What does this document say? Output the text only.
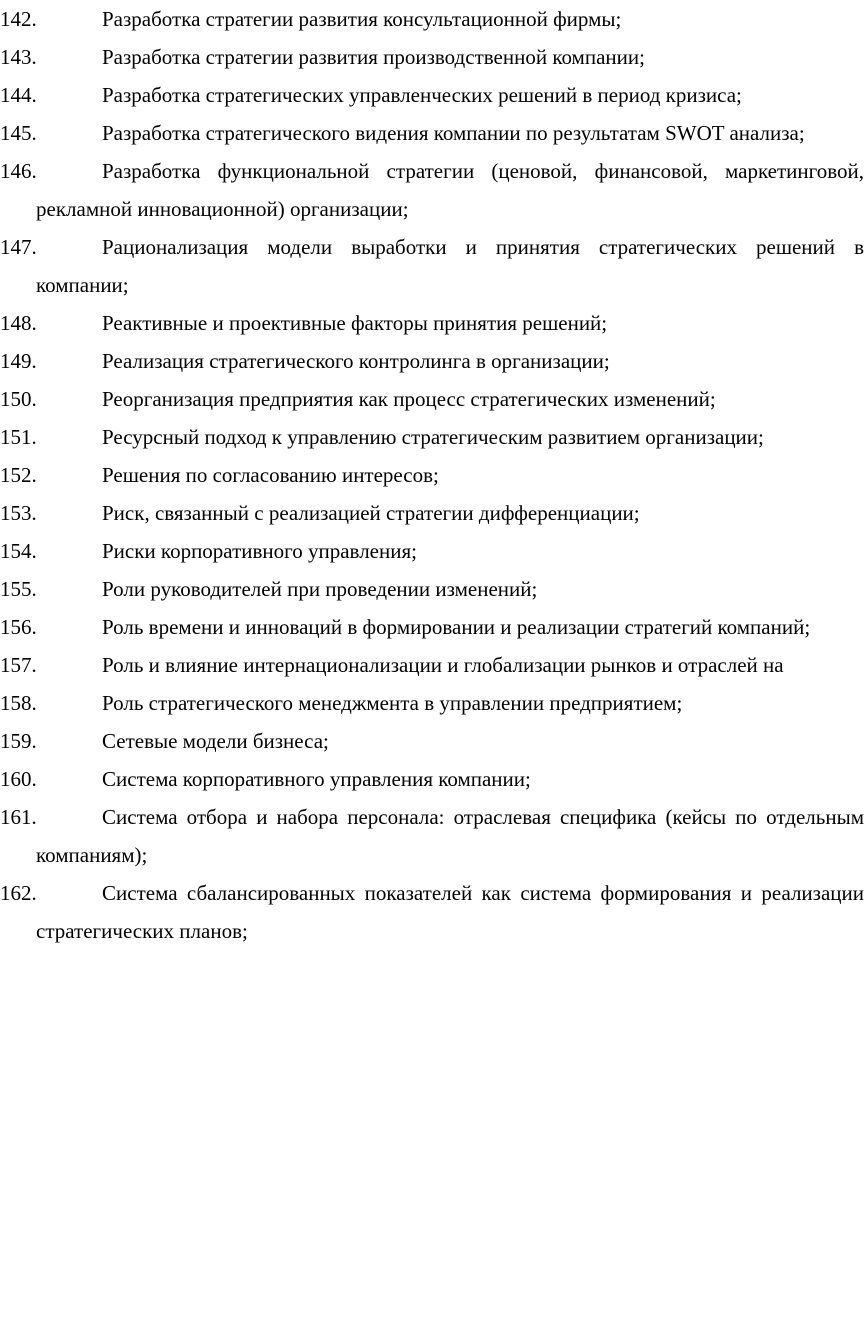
142.	Разработка стратегии развития консультационной фирмы;
143.	Разработка стратегии развития производственной компании;
144.	Разработка стратегических управленческих решений в период кризиса;
145.	Разработка стратегического видения компании по результатам SWOT анализа;
146.	Разработка функциональной стратегии (ценовой, финансовой, маркетинговой, рекламной инновационной) организации;
147.	Рационализация модели выработки и принятия стратегических решений в компании;
148.	Реактивные и проективные факторы принятия решений;
149.	Реализация стратегического контролинга в организации;
150.	Реорганизация предприятия как процесс стратегических изменений;
151.	Ресурсный подход к управлению стратегическим развитием организации;
152.	Решения по согласованию интересов;
153.	Риск, связанный с реализацией стратегии дифференциации;
154.	Риски корпоративного управления;
155.	Роли руководителей при проведении изменений;
156.	Роль времени и инноваций в формировании и реализации стратегий компаний;
157.	Роль и влияние интернационализации и глобализации рынков и отраслей на
158.	Роль стратегического менеджмента в управлении предприятием;
159.	Сетевые модели бизнеса;
160.	Система корпоративного управления компании;
161.	Система отбора и набора персонала: отраслевая специфика (кейсы по отдельным компаниям);
162.	Система сбалансированных показателей как система формирования и реализации стратегических планов;
